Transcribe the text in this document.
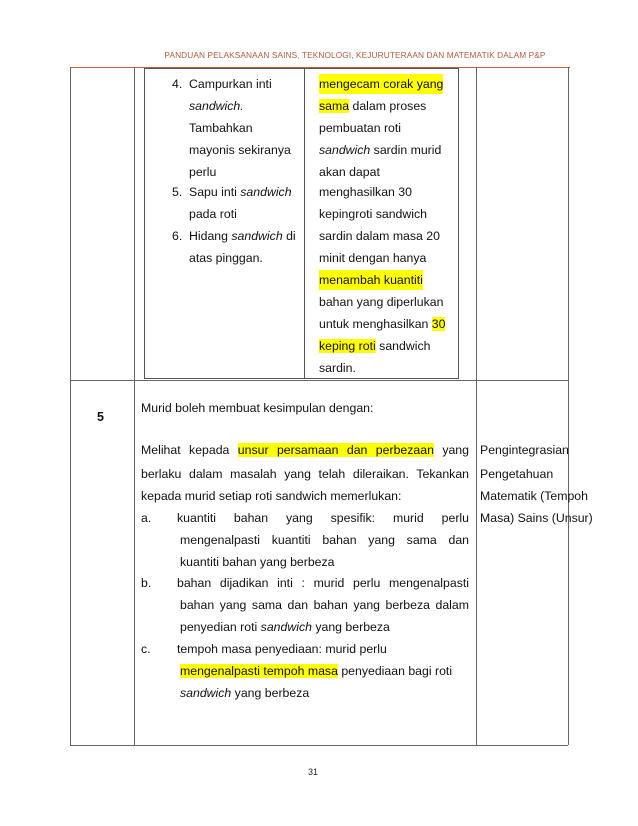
PANDUAN PELAKSANAAN SAINS, TEKNOLOGI, KEJURUTERAAN DAN MATEMATIK DALAM P&P
4. Campurkan inti
sandwich.
Tambahkan
mayonis sekiranya
perlu
5. Sapu inti sandwich
pada roti
6. Hidang sandwich di
atas pinggan.
mengecam corak yang
sama dalam proses
pembuatan roti
sandwich sardin murid
akan dapat
menghasilkan 30
kepingroti sandwich
sardin dalam masa 20
minit dengan hanya
menambah kuantiti
bahan yang diperlukan
untuk menghasilkan 30
keping roti sandwich
sardin.
5
Murid boleh membuat kesimpulan dengan:
Melihat kepada unsur persamaan dan perbezaan yang
berlaku dalam masalah yang telah dileraikan. Tekankan
kepada murid setiap roti sandwich memerlukan:
a. kuantiti bahan yang spesifik: murid perlu
mengenalpasti kuantiti bahan yang sama dan
kuantiti bahan yang berbeza
b. bahan dijadikan inti : murid perlu mengenalpasti
bahan yang sama dan bahan yang berbeza dalam
penyedian roti sandwich yang berbeza
c. tempoh masa penyediaan: murid perlu
mengenalpasti tempoh masa penyediaan bagi roti
sandwich yang berbeza
Pengintegrasian
Pengetahuan
Matematik (Tempoh
Masa) Sains (Unsur)
31
